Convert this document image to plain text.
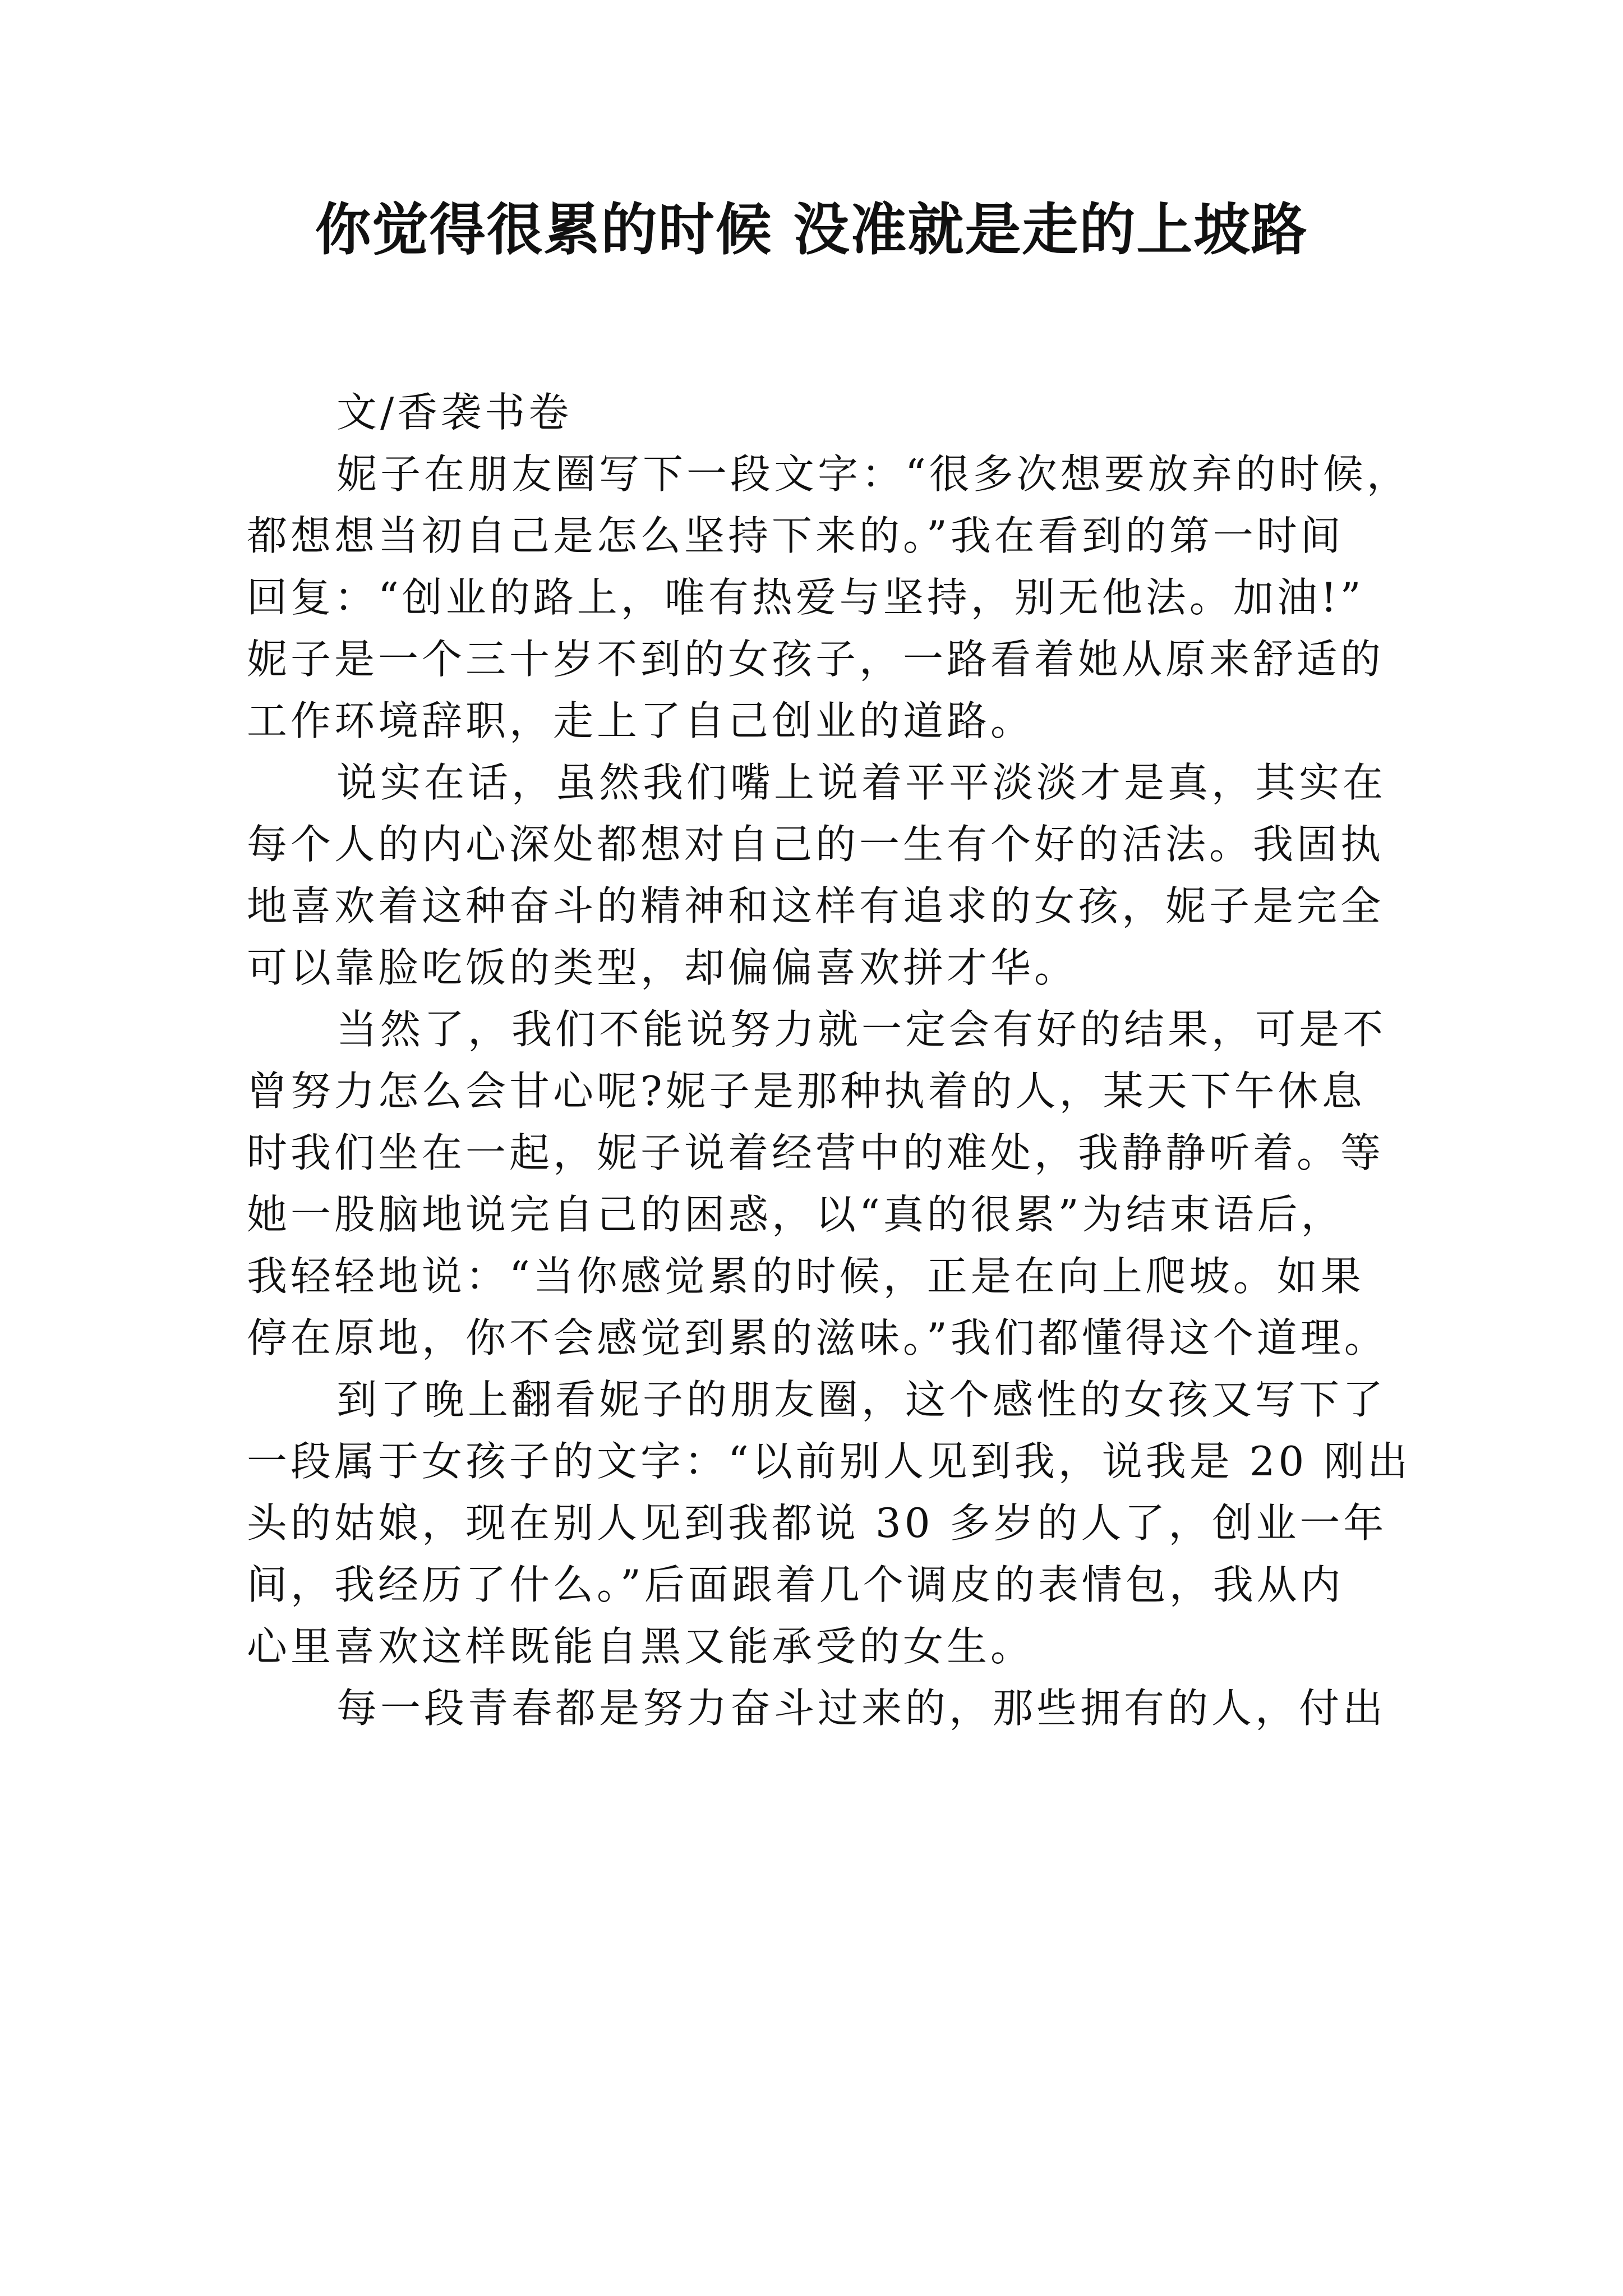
你觉得很累的时候 没准就是走的上坡路

文/香袭书卷

妮子在朋友圈写下一段文字：“很多次想要放弃的时候，

都想想当初自己是怎么坚持下来的。”我在看到的第一时间

回复：“创业的路上，唯有热爱与坚持，别无他法。加油!”

妮子是一个三十岁不到的女孩子，一路看着她从原来舒适的

工作环境辞职，走上了自己创业的道路。

说实在话，虽然我们嘴上说着平平淡淡才是真，其实在

每个人的内心深处都想对自己的一生有个好的活法。我固执

地喜欢着这种奋斗的精神和这样有追求的女孩，妮子是完全

可以靠脸吃饭的类型，却偏偏喜欢拼才华。

当然了，我们不能说努力就一定会有好的结果，可是不

曾努力怎么会甘心呢?妮子是那种执着的人，某天下午休息

时我们坐在一起，妮子说着经营中的难处，我静静听着。等

她一股脑地说完自己的困惑，以“真的很累”为结束语后，

我轻轻地说：“当你感觉累的时候，正是在向上爬坡。如果

停在原地，你不会感觉到累的滋味。”我们都懂得这个道理。

到了晚上翻看妮子的朋友圈，这个感性的女孩又写下了

一段属于女孩子的文字：“以前别人见到我，说我是 20 刚出

头的姑娘，现在别人见到我都说 30 多岁的人了，创业一年

间，我经历了什么。”后面跟着几个调皮的表情包，我从内

心里喜欢这样既能自黑又能承受的女生。

每一段青春都是努力奋斗过来的，那些拥有的人，付出
